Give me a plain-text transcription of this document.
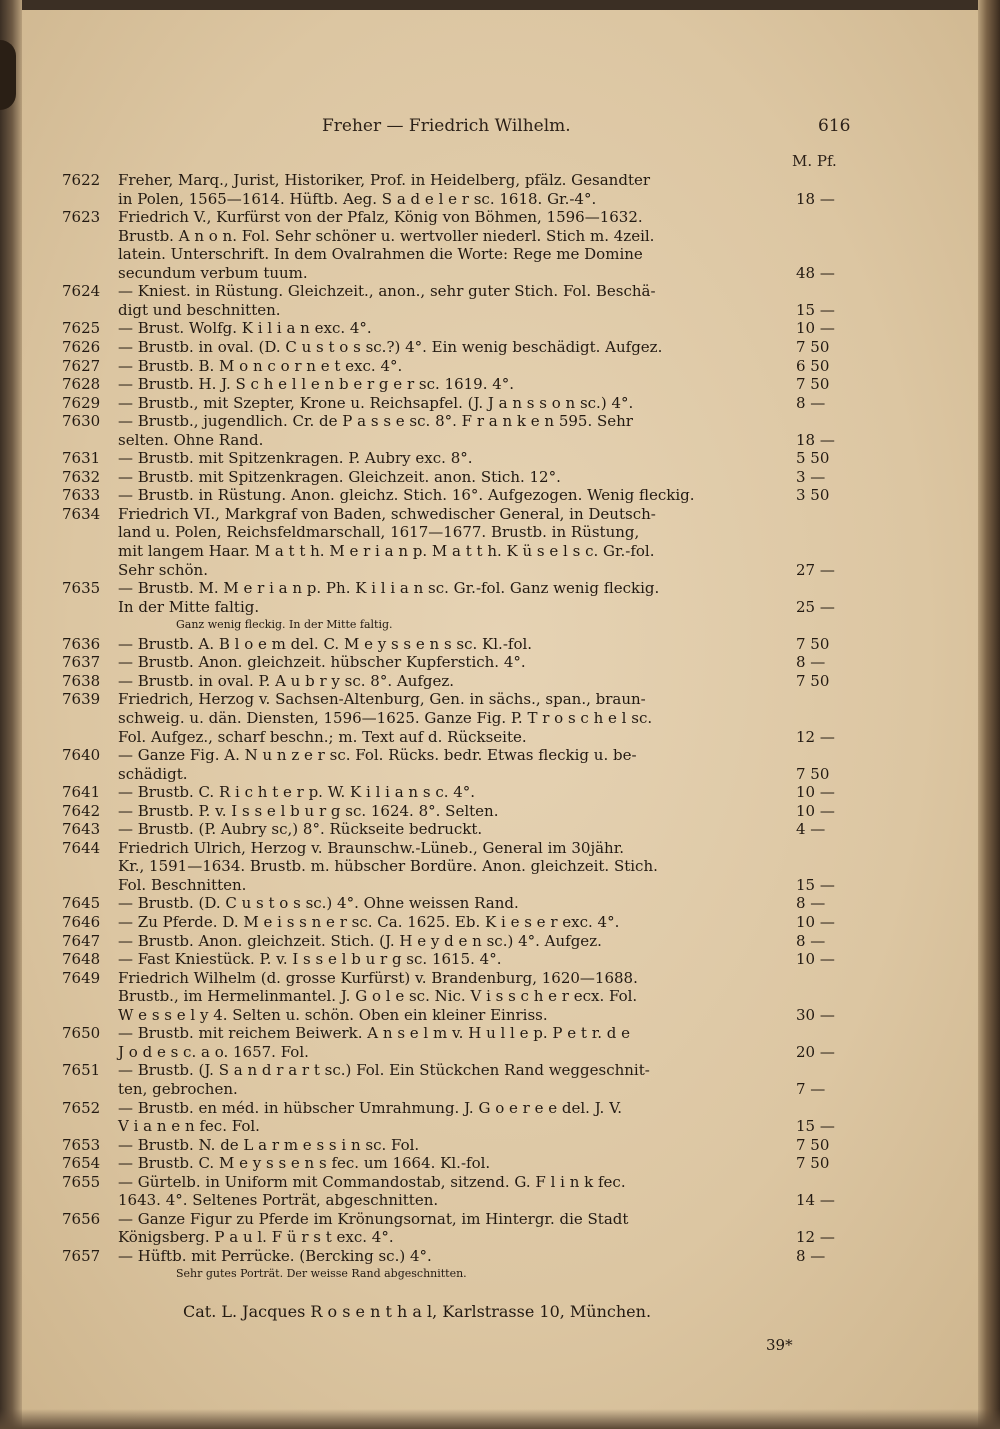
Freher — Friedrich Wilhelm.	616
M. Pf.
7622 Freher, Marq., Jurist, Historiker, Prof. in Heidelberg, pfälz. Gesandter
in Polen, 1565—1614. Hüftb. Aeg. S a d e l e r sc. 1618. Gr.-4°.	18 —
7623 Friedrich V., Kurfürst von der Pfalz, König von Böhmen, 1596—1632.
Brustb. A n o n. Fol. Sehr schöner u. wertvoller niederl. Stich m. 4zeil.
latein. Unterschrift. In dem Ovalrahmen die Worte: Rege me Domine
secundum verbum tuum.	48 —
7624 — Kniest. in Rüstung. Gleichzeit., anon., sehr guter Stich. Fol. Beschä-
digt und beschnitten.	15 —
7625 — Brust. Wolfg. K i l i a n exc. 4°.	10 —
7626 — Brustb. in oval. (D. C u s t o s sc.?) 4°. Ein wenig beschädigt. Aufgez.	7 50
7627 — Brustb. B. M o n c o r n e t exc. 4°.	6 50
7628 — Brustb. H. J. S c h e l l e n b e r g e r sc. 1619. 4°.	7 50
7629 — Brustb., mit Szepter, Krone u. Reichsapfel. (J. J a n s s o n sc.) 4°.	8 —
7630 — Brustb., jugendlich. Cr. de P a s s e sc. 8°. F r a n k e n 595. Sehr
selten. Ohne Rand.	18 —
7631 — Brustb. mit Spitzenkragen. P. Aubry exc. 8°.	5 50
7632 — Brustb. mit Spitzenkragen. Gleichzeit. anon. Stich. 12°.	3 —
7633 — Brustb. in Rüstung. Anon. gleichz. Stich. 16°. Aufgezogen. Wenig fleckig.	3 50
7634 Friedrich VI., Markgraf von Baden, schwedischer General, in Deutsch-
land u. Polen, Reichsfeldmarschall, 1617—1677. Brustb. in Rüstung,
mit langem Haar. M a t t h. M e r i a n p. M a t t h. K ü s e l s c. Gr.-fol.
Sehr schön.	27 —
7635 — Brustb. M. M e r i a n p. Ph. K i l i a n sc. Gr.-fol. Ganz wenig fleckig.
In der Mitte faltig.	25 —
Ganz wenig fleckig. In der Mitte faltig.
7636 — Brustb. A. B l o e m del. C. M e y s s e n s sc. Kl.-fol.	7 50
7637 — Brustb. Anon. gleichzeit. hübscher Kupferstich. 4°.	8 —
7638 — Brustb. in oval. P. A u b r y sc. 8°. Aufgez.	7 50
7639 Friedrich, Herzog v. Sachsen-Altenburg, Gen. in sächs., span., braun-
schweig. u. dän. Diensten, 1596—1625. Ganze Fig. P. T r o s c h e l sc.
Fol. Aufgez., scharf beschn.; m. Text auf d. Rückseite.	12 —
7640 — Ganze Fig. A. N u n z e r sc. Fol. Rücks. bedr. Etwas fleckig u. be-
schädigt.	7 50
7641 — Brustb. C. R i c h t e r p. W. K i l i a n s c. 4°.	10 —
7642 — Brustb. P. v. I s s e l b u r g sc. 1624. 8°. Selten.	10 —
7643 — Brustb. (P. Aubry sc,) 8°. Rückseite bedruckt.	4 —
7644 Friedrich Ulrich, Herzog v. Braunschw.-Lüneb., General im 30jähr.
Kr., 1591—1634. Brustb. m. hübscher Bordüre. Anon. gleichzeit. Stich.
Fol. Beschnitten.	15 —
7645 — Brustb. (D. C u s t o s sc.) 4°. Ohne weissen Rand.	8 —
7646 — Zu Pferde. D. M e i s s n e r sc. Ca. 1625. Eb. K i e s e r exc. 4°.	10 —
7647 — Brustb. Anon. gleichzeit. Stich. (J. H e y d e n sc.) 4°. Aufgez.	8 —
7648 — Fast Kniestück. P. v. I s s e l b u r g sc. 1615. 4°.	10 —
7649 Friedrich Wilhelm (d. grosse Kurfürst) v. Brandenburg, 1620—1688.
Brustb., im Hermelinmantel. J. G o l e sc. Nic. V i s s c h e r ecx. Fol.
W e s s e l y 4. Selten u. schön. Oben ein kleiner Einriss.	30 —
7650 — Brustb. mit reichem Beiwerk. A n s e l m v. H u l l e p. P e t r. d e
J o d e s c. a o. 1657. Fol.	20 —
7651 — Brustb. (J. S a n d r a r t sc.) Fol. Ein Stückchen Rand weggeschnit-
ten, gebrochen.	7 —
7652 — Brustb. en méd. in hübscher Umrahmung. J. G o e r e e del. J. V.
V i a n e n fec. Fol.	15 —
7653 — Brustb. N. de L a r m e s s i n sc. Fol.	7 50
7654 — Brustb. C. M e y s s e n s fec. um 1664. Kl.-fol.	7 50
7655 — Gürtelb. in Uniform mit Commandostab, sitzend. G. F l i n k fec.
1643. 4°. Seltenes Porträt, abgeschnitten.	14 —
7656 — Ganze Figur zu Pferde im Krönungsornat, im Hintergr. die Stadt
Königsberg. P a u l. F ü r s t exc. 4°.	12 —
7657 — Hüftb. mit Perrücke. (Bercking sc.) 4°.	8 —
Sehr gutes Porträt. Der weisse Rand abgeschnitten.
Cat. L. Jacques R o s e n t h a l, Karlstrasse 10, München.
39*
